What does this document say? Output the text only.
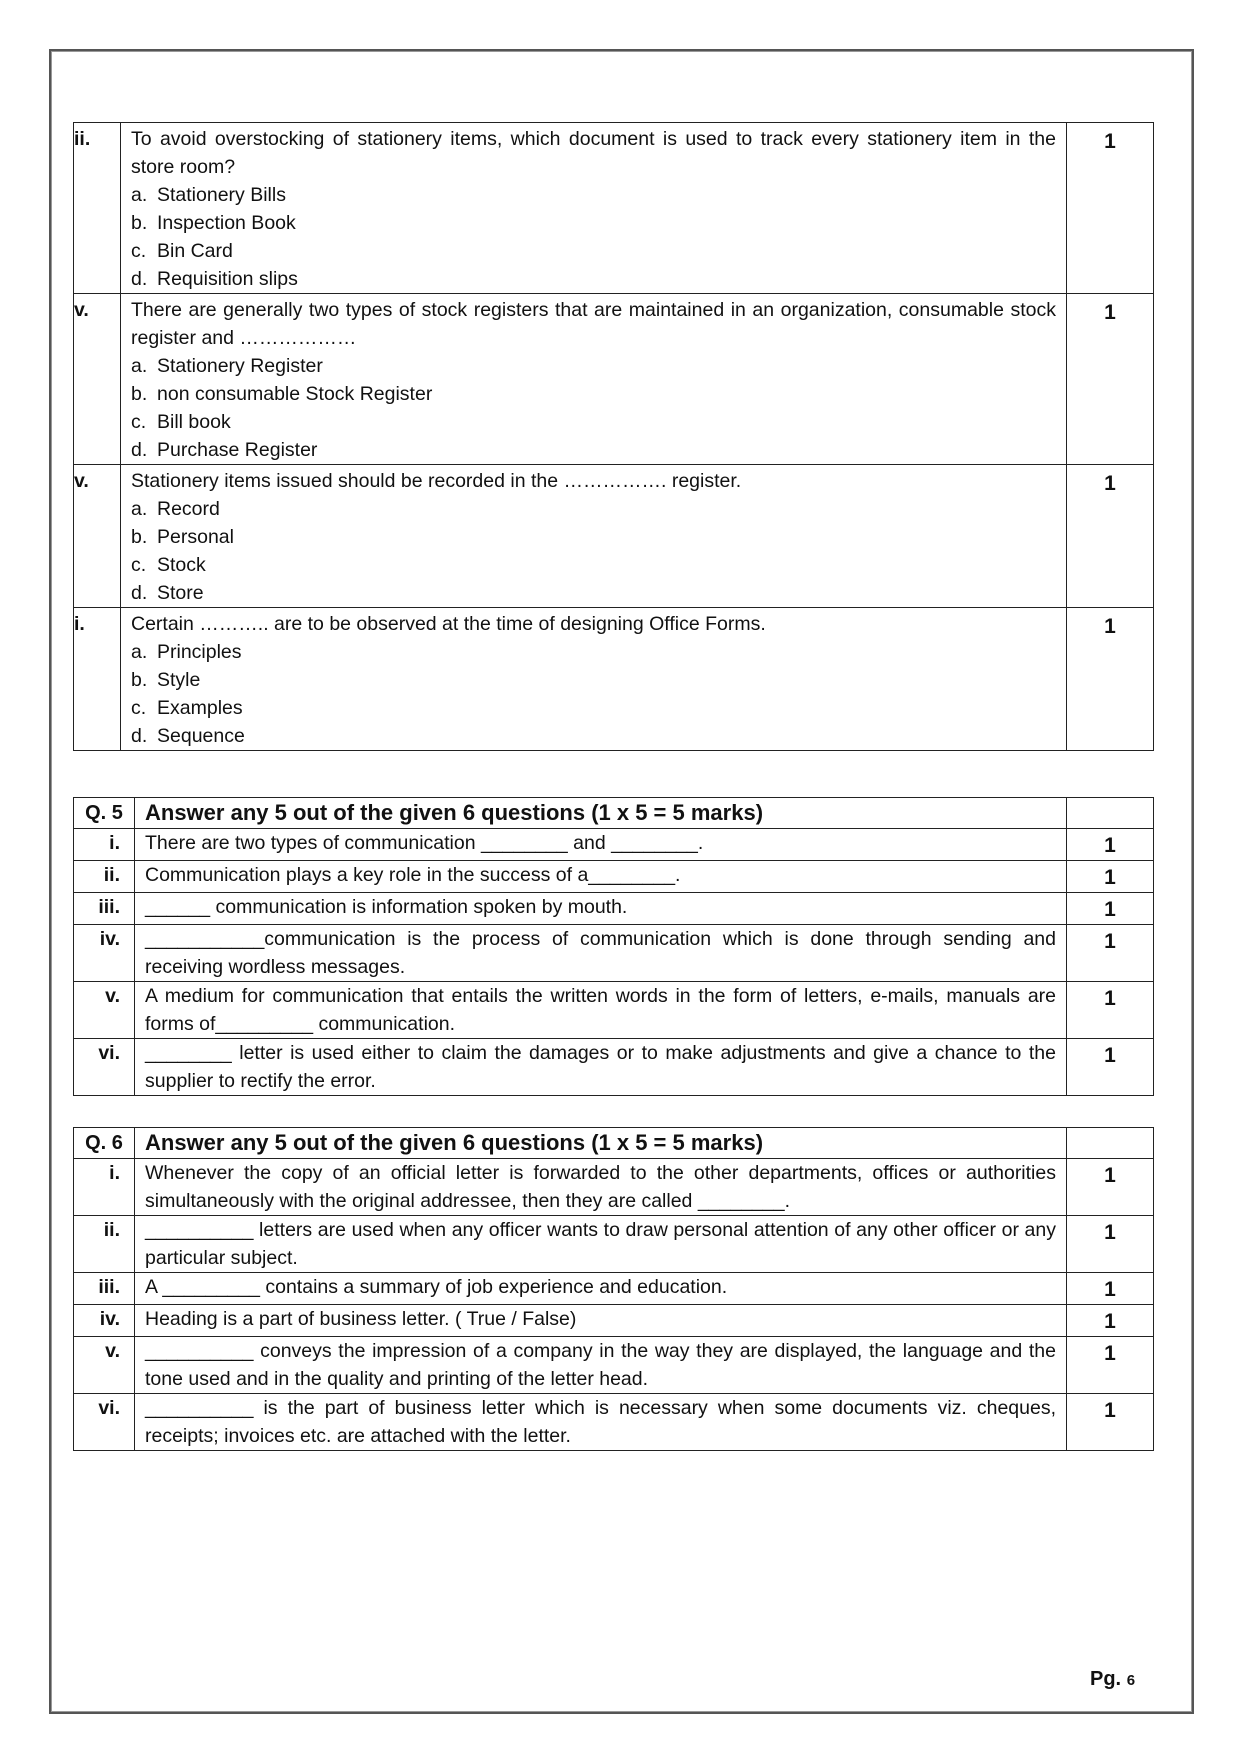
ii.	To avoid overstocking of stationery items, which document is used to track every stationery item in the store room?
a. Stationery Bills
b. Inspection Book
c. Bin Card
d. Requisition slips	1
v.	There are generally two types of stock registers that are maintained in an organization, consumable stock register and ………………
a. Stationery Register
b. non consumable Stock Register
c. Bill book
d. Purchase Register	1
v.	Stationery items issued should be recorded in the ……………. register.
a. Record
b. Personal
c. Stock
d. Store	1
i.	Certain ……….. are to be observed at the time of designing Office Forms.
a. Principles
b. Style
c. Examples
d. Sequence	1
Q. 5	Answer any 5 out of the given 6 questions (1 x 5 = 5 marks)	
i.	There are two types of communication ________ and ________.	1
ii.	Communication plays a key role in the success of a________.	1
iii.	______ communication is information spoken by mouth.	1
iv.	___________communication is the process of communication which is done through sending and receiving wordless messages.	1
v.	A medium for communication that entails the written words in the form of letters, e-mails, manuals are forms of_________ communication.	1
vi.	________ letter is used either to claim the damages or to make adjustments and give a chance to the supplier to rectify the error.	1
Q. 6	Answer any 5 out of the given 6 questions (1 x 5 = 5 marks)	
i.	Whenever the copy of an official letter is forwarded to the other departments, offices or authorities simultaneously with the original addressee, then they are called ________.	1
ii.	__________ letters are used when any officer wants to draw personal attention of any other officer or any particular subject.	1
iii.	A _________ contains a summary of job experience and education.	1
iv.	Heading is a part of business letter. ( True / False)	1
v.	__________ conveys the impression of a company in the way they are displayed, the language and the tone used and in the quality and printing of the letter head.	1
vi.	__________ is the part of business letter which is necessary when some documents viz. cheques, receipts; invoices etc. are attached with the letter.	1
Pg. 6
